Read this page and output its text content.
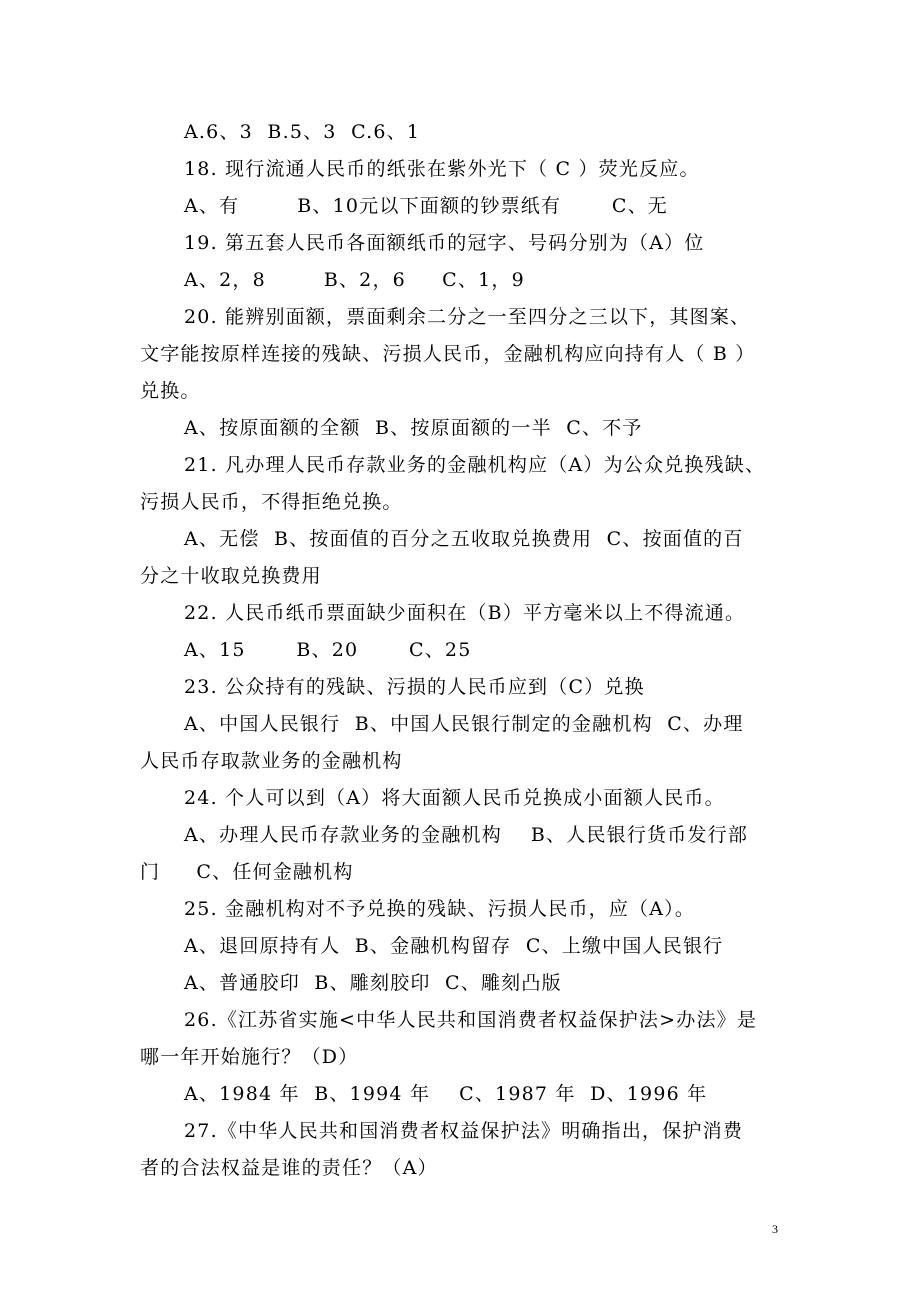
A.6、3  B.5、3  C.6、1
18. 现行流通人民币的纸张在紫外光下（ C ）荧光反应。
A、有        B、10元以下面额的钞票纸有       C、无
19. 第五套人民币各面额纸币的冠字、号码分别为（A）位
A、2，8        B、2，6     C、1，9
20. 能辨别面额，票面剩余二分之一至四分之三以下，其图案、
文字能按原样连接的残缺、污损人民币，金融机构应向持有人（ B ）
兑换。
A、按原面额的全额  B、按原面额的一半  C、不予
21. 凡办理人民币存款业务的金融机构应（A）为公众兑换残缺、
污损人民币，不得拒绝兑换。
A、无偿  B、按面值的百分之五收取兑换费用  C、按面值的百
分之十收取兑换费用
22. 人民币纸币票面缺少面积在（B）平方毫米以上不得流通。
A、15       B、20       C、25
23. 公众持有的残缺、污损的人民币应到（C）兑换
A、中国人民银行  B、中国人民银行制定的金融机构  C、办理
人民币存取款业务的金融机构
24. 个人可以到（A）将大面额人民币兑换成小面额人民币。
A、办理人民币存款业务的金融机构    B、人民银行货币发行部
门     C、任何金融机构
25. 金融机构对不予兑换的残缺、污损人民币，应（A）。
A、退回原持有人  B、金融机构留存  C、上缴中国人民银行
A、普通胶印  B、雕刻胶印  C、雕刻凸版
26.《江苏省实施<中华人民共和国消费者权益保护法>办法》是
哪一年开始施行？（D）
A、1984 年  B、1994 年    C、1987 年  D、1996 年
27.《中华人民共和国消费者权益保护法》明确指出，保护消费
者的合法权益是谁的责任？（A）
3
